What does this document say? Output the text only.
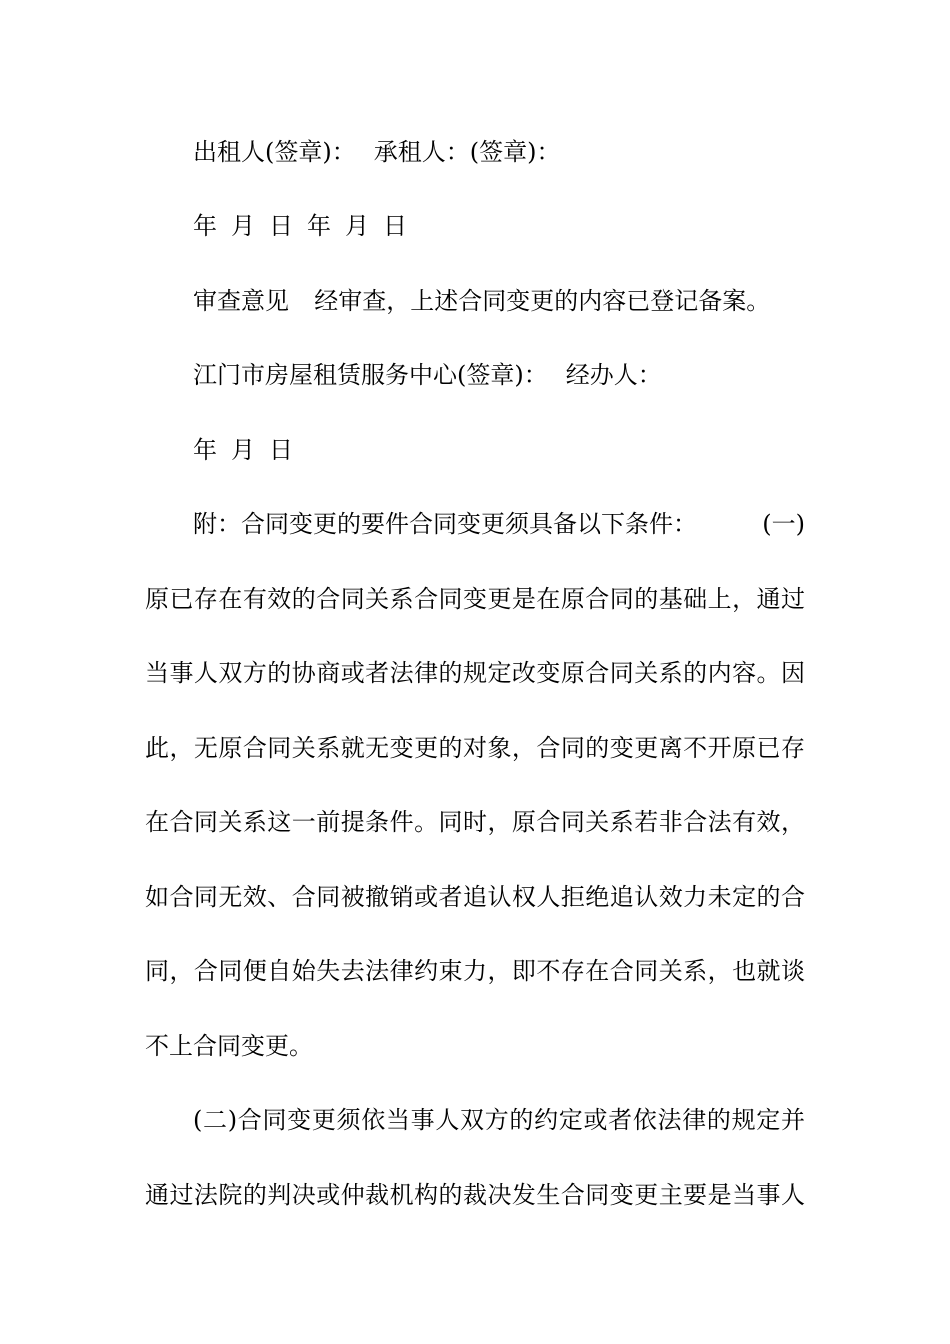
出租人(签章)： 承租人：(签章)：
年 月 日 年 月 日
审查意见 经审查，上述合同变更的内容已登记备案。
江门市房屋租赁服务中心(签章)： 经办人：
年 月 日
附：合同变更的要件合同变更须具备以下条件：	(一)
原已存在有效的合同关系合同变更是在原合同的基础上，通过
当事人双方的协商或者法律的规定改变原合同关系的内容。因
此，无原合同关系就无变更的对象，合同的变更离不开原已存
在合同关系这一前提条件。同时，原合同关系若非合法有效，
如合同无效、合同被撤销或者追认权人拒绝追认效力未定的合
同，合同便自始失去法律约束力，即不存在合同关系，也就谈
不上合同变更。
(二)合同变更须依当事人双方的约定或者依法律的规定并
通过法院的判决或仲裁机构的裁决发生合同变更主要是当事人
